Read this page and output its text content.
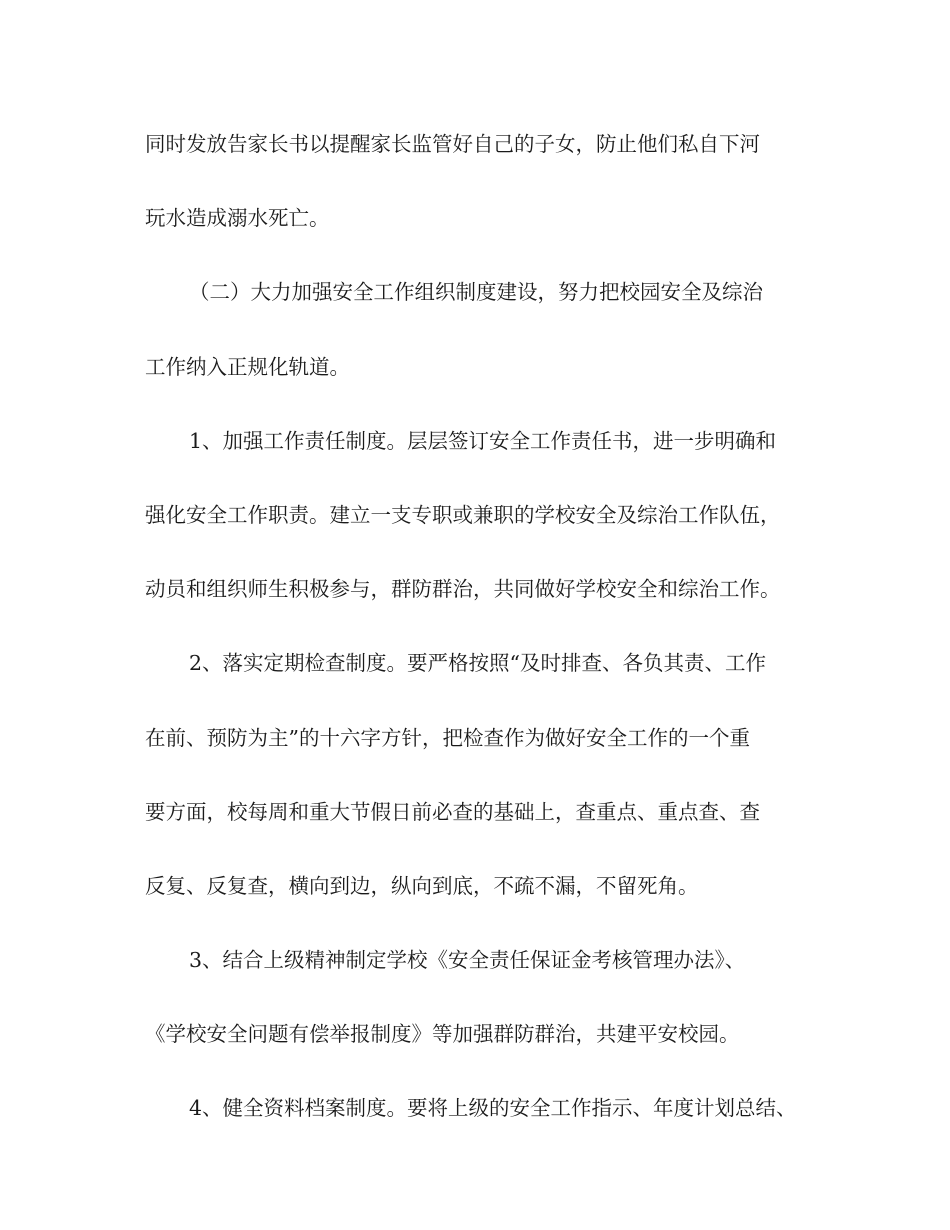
同时发放告家长书以提醒家长监管好自己的子女，防止他们私自下河
玩水造成溺水死亡。
（二）大力加强安全工作组织制度建设，努力把校园安全及综治
工作纳入正规化轨道。
1、加强工作责任制度。层层签订安全工作责任书，进一步明确和
强化安全工作职责。建立一支专职或兼职的学校安全及综治工作队伍，
动员和组织师生积极参与，群防群治，共同做好学校安全和综治工作。
2、落实定期检查制度。要严格按照“及时排查、各负其责、工作
在前、预防为主”的十六字方针，把检查作为做好安全工作的一个重
要方面，校每周和重大节假日前必查的基础上，查重点、重点查、查
反复、反复查，横向到边，纵向到底，不疏不漏，不留死角。
3、结合上级精神制定学校《安全责任保证金考核管理办法》、
《学校安全问题有偿举报制度》等加强群防群治，共建平安校园。
4、健全资料档案制度。要将上级的安全工作指示、年度计划总结、
